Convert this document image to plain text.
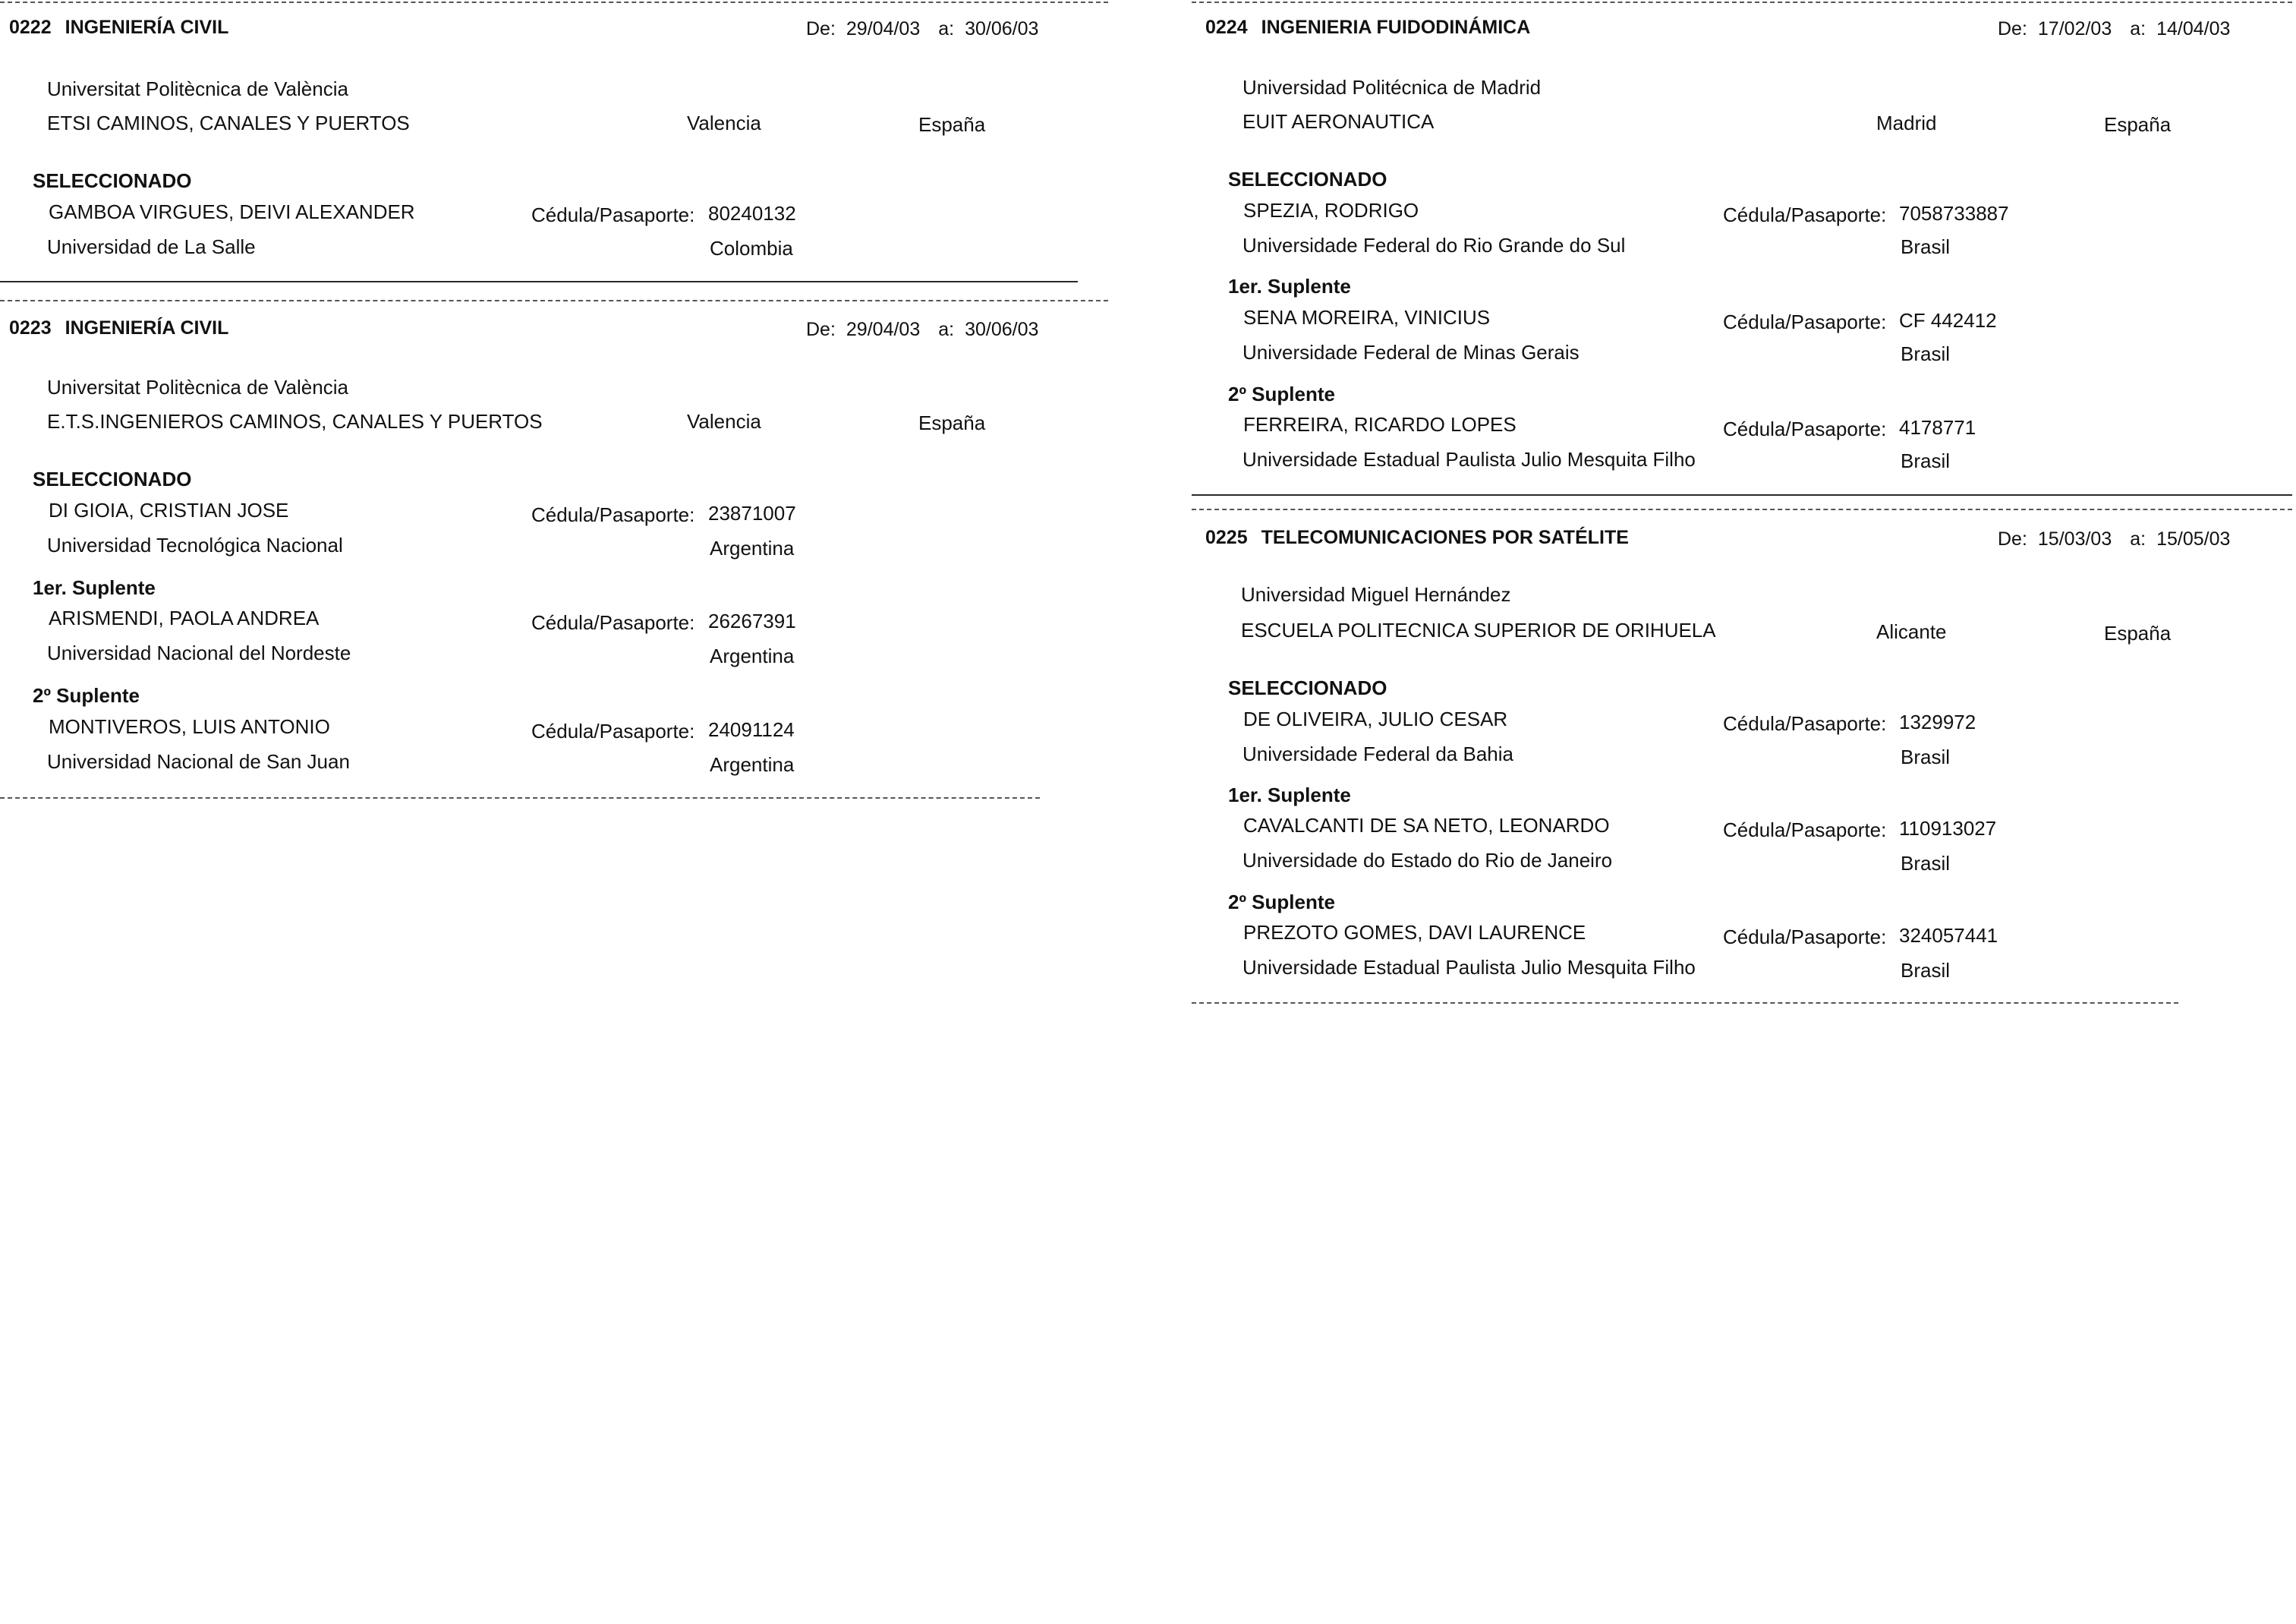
0222 INGENIERÍA CIVIL	De: 29/04/03 a: 30/06/03
Universitat Politècnica de València
ETSI CAMINOS, CANALES Y PUERTOS	Valencia	España
SELECCIONADO
GAMBOA VIRGUES, DEIVI ALEXANDER	Cédula/Pasaporte: 80240132
Universidad de La Salle	Colombia
0223 INGENIERÍA CIVIL	De: 29/04/03 a: 30/06/03
Universitat Politècnica de València
E.T.S.INGENIEROS CAMINOS, CANALES Y PUERTOS	Valencia	España
SELECCIONADO
DI GIOIA, CRISTIAN JOSE	Cédula/Pasaporte: 23871007
Universidad Tecnológica Nacional	Argentina
1er. Suplente
ARISMENDI, PAOLA ANDREA	Cédula/Pasaporte: 26267391
Universidad Nacional del Nordeste	Argentina
2º Suplente
MONTIVEROS, LUIS ANTONIO	Cédula/Pasaporte: 24091124
Universidad Nacional de San Juan	Argentina
0224 INGENIERIA FUIDODINÁMICA	De: 17/02/03 a: 14/04/03
Universidad Politécnica de Madrid
EUIT AERONAUTICA	Madrid	España
SELECCIONADO
SPEZIA, RODRIGO	Cédula/Pasaporte: 7058733887
Universidade Federal do Rio Grande do Sul	Brasil
1er. Suplente
SENA MOREIRA, VINICIUS	Cédula/Pasaporte: CF 442412
Universidade Federal de Minas Gerais	Brasil
2º Suplente
FERREIRA, RICARDO LOPES	Cédula/Pasaporte: 4178771
Universidade Estadual Paulista Julio Mesquita Filho	Brasil
0225 TELECOMUNICACIONES POR SATÉLITE	De: 15/03/03 a: 15/05/03
Universidad Miguel Hernández
ESCUELA POLITECNICA SUPERIOR DE ORIHUELA	Alicante	España
SELECCIONADO
DE OLIVEIRA, JULIO CESAR	Cédula/Pasaporte: 1329972
Universidade Federal da Bahia	Brasil
1er. Suplente
CAVALCANTI DE SA NETO, LEONARDO	Cédula/Pasaporte: 110913027
Universidade do Estado do Rio de Janeiro	Brasil
2º Suplente
PREZOTO GOMES, DAVI LAURENCE	Cédula/Pasaporte: 324057441
Universidade Estadual Paulista Julio Mesquita Filho	Brasil
